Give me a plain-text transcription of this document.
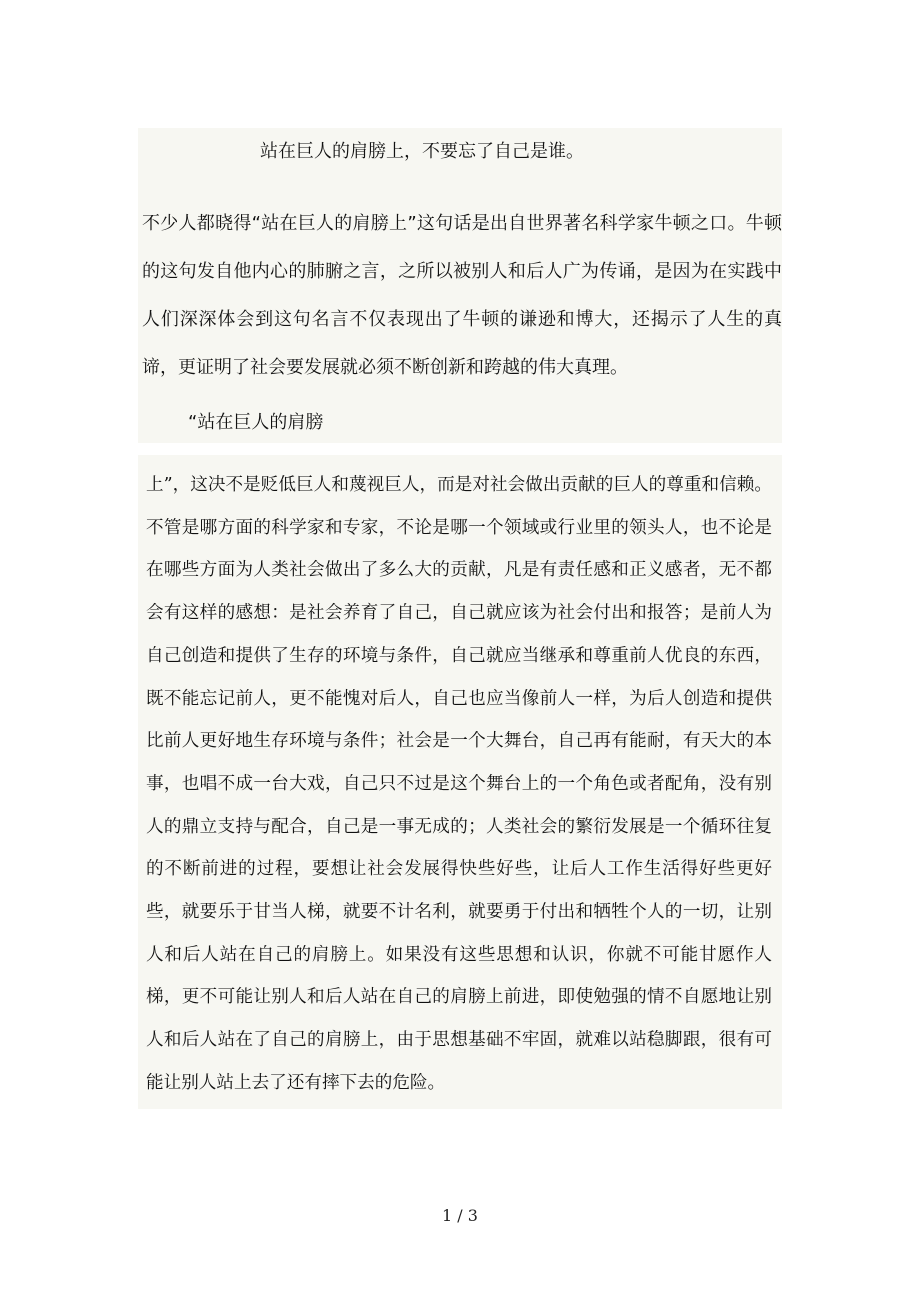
站在巨人的肩膀上，不要忘了自己是谁。
不少人都晓得“站在巨人的肩膀上”这句话是出自世界著名科学家牛顿之口。牛顿的这句发自他内心的肺腑之言，之所以被别人和后人广为传诵，是因为在实践中人们深深体会到这句名言不仅表现出了牛顿的谦逊和博大，还揭示了人生的真谛，更证明了社会要发展就必须不断创新和跨越的伟大真理。
“站在巨人的肩膀
上”，这决不是贬低巨人和蔑视巨人，而是对社会做出贡献的巨人的尊重和信赖。不管是哪方面的科学家和专家，不论是哪一个领域或行业里的领头人，也不论是在哪些方面为人类社会做出了多么大的贡献，凡是有责任感和正义感者，无不都会有这样的感想：是社会养育了自己，自己就应该为社会付出和报答；是前人为自己创造和提供了生存的环境与条件，自己就应当继承和尊重前人优良的东西，既不能忘记前人，更不能愧对后人，自己也应当像前人一样，为后人创造和提供比前人更好地生存环境与条件；社会是一个大舞台，自己再有能耐，有天大的本事，也唱不成一台大戏，自己只不过是这个舞台上的一个角色或者配角，没有别人的鼎立支持与配合，自己是一事无成的；人类社会的繁衍发展是一个循环往复的不断前进的过程，要想让社会发展得快些好些，让后人工作生活得好些更好些，就要乐于甘当人梯，就要不计名利，就要勇于付出和牺牲个人的一切，让别人和后人站在自己的肩膀上。如果没有这些思想和认识，你就不可能甘愿作人梯，更不可能让别人和后人站在自己的肩膀上前进，即使勉强的情不自愿地让别人和后人站在了自己的肩膀上，由于思想基础不牢固，就难以站稳脚跟，很有可能让别人站上去了还有摔下去的危险。
1 / 3
